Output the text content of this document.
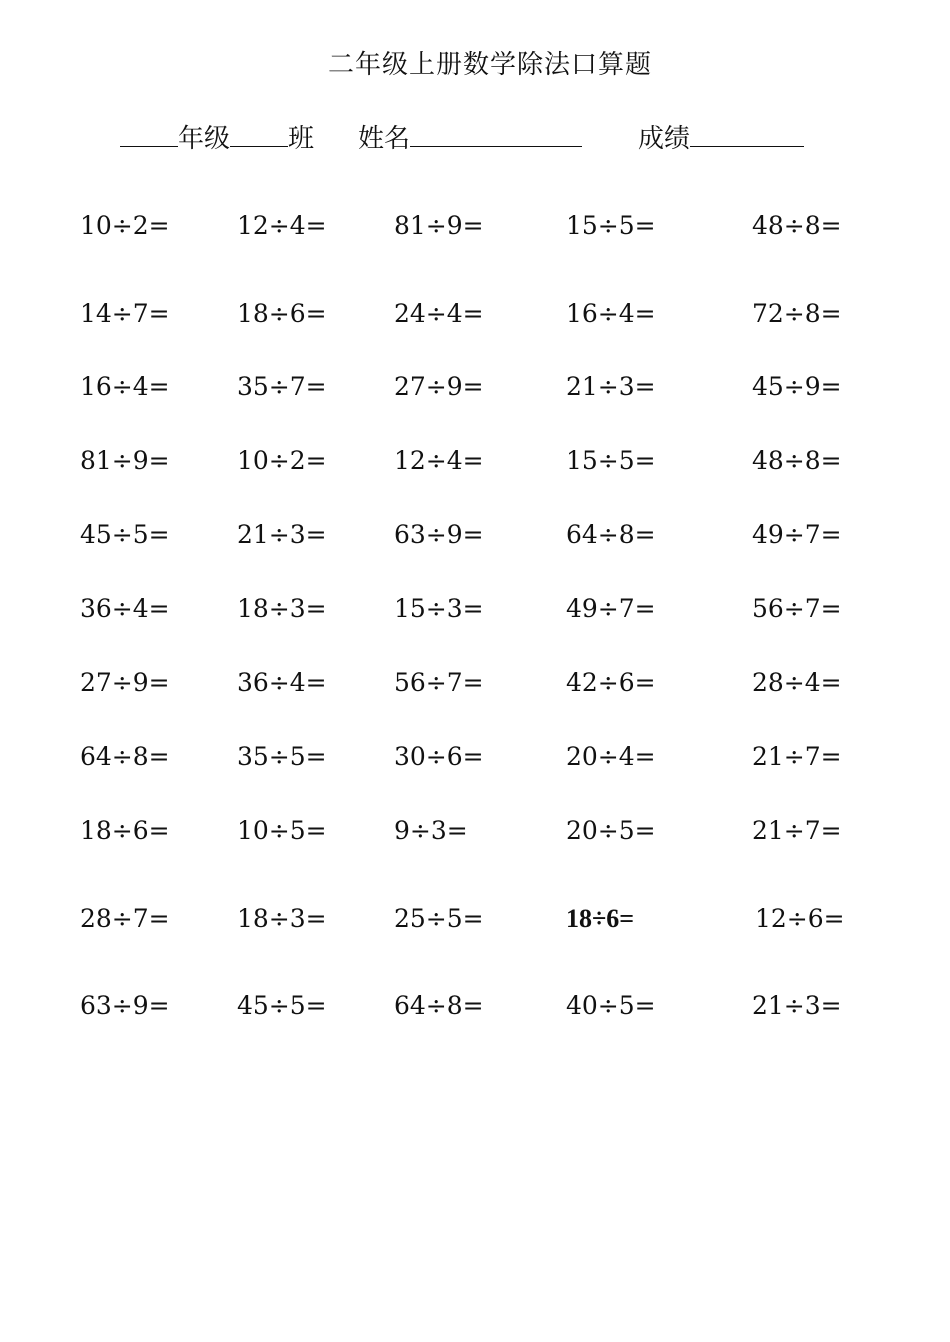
二年级上册数学除法口算题
年级 班 姓名	成绩
10÷2=	12÷4=	81÷9=	15÷5=	48÷8=
14÷7=	18÷6=	24÷4=	16÷4=	72÷8=
16÷4=	35÷7=	27÷9=	21÷3=	45÷9=
81÷9=	10÷2=	12÷4=	15÷5=	48÷8=
45÷5=	21÷3=	63÷9=	64÷8=	49÷7=
36÷4=	18÷3=	15÷3=	49÷7=	56÷7=
27÷9=	36÷4=	56÷7=	42÷6=	28÷4=
64÷8=	35÷5=	30÷6=	20÷4=	21÷7=
18÷6=	10÷5=	9÷3=	20÷5=	21÷7=
28÷7=	18÷3=	25÷5=	18÷6=	12÷6=
63÷9=	45÷5=	64÷8=	40÷5=	21÷3=
